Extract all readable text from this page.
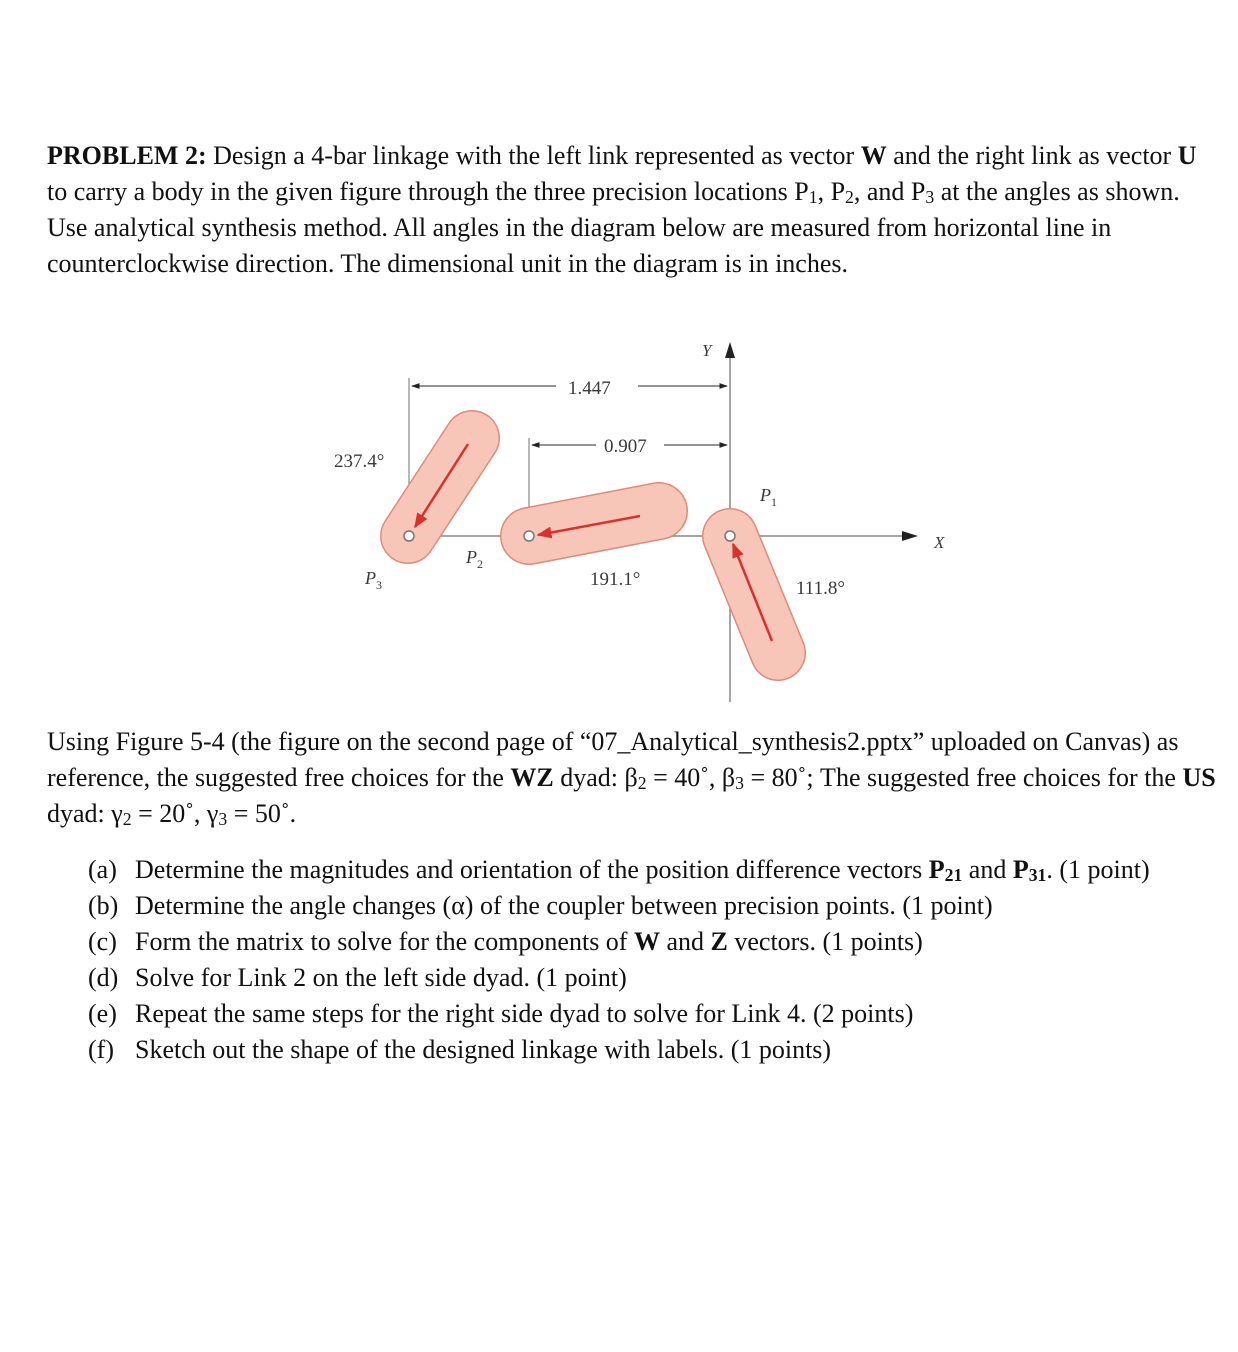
PROBLEM 2: Design a 4-bar linkage with the left link represented as vector W and the right link as vector U to carry a body in the given figure through the three precision locations $P_1$, $P_2$, and $P_3$ at the angles as shown. Use analytical synthesis method. All angles in the diagram below are measured from horizontal line in counterclockwise direction. The dimensional unit in the diagram is in inches.

Y
X
1.447
0.907
237.4°
191.1°	111.8°
$P_1$
$P_2$
$P_3$

Using Figure 5-4 (the figure on the second page of “07_Analytical_synthesis2.pptx” uploaded on Canvas) as reference, the suggested free choices for the WZ dyad: $\beta_2$ = 40˚, $\beta_3$ = 80˚; The suggested free choices for the US dyad: $\gamma_2$ = 20˚, $\gamma_3$ = 50˚.

(a) Determine the magnitudes and orientation of the position difference vectors $P_{21}$ and $P_{31}$. (1 point)
(b) Determine the angle changes (α) of the coupler between precision points. (1 point)
(c) Form the matrix to solve for the components of W and Z vectors. (1 points)
(d) Solve for Link 2 on the left side dyad. (1 point)
(e) Repeat the same steps for the right side dyad to solve for Link 4. (2 points)
(f) Sketch out the shape of the designed linkage with labels. (1 points)
